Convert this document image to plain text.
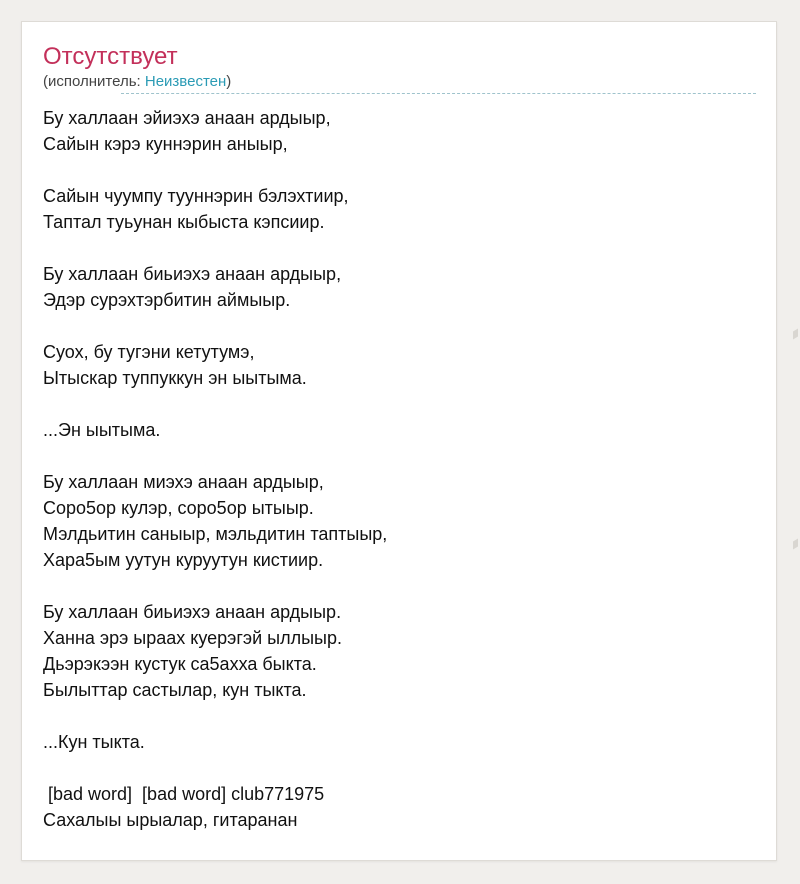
Отсутствует
(исполнитель: Неизвестен)
Бу халлаан эйиэхэ анаан ардыыр,
Сайын кэрэ куннэрин аныыр,
Сайын чуумпу тууннэрин бэлэхтиир,
Таптал туьунан кыбыста кэпсиир.
Бу халлаан биьиэхэ анаан ардыыр,
Эдэр сурэхтэрбитин аймыыр.
Суох, бу тугэни кетутумэ,
Ытыскар туппуккун эн ыытыма.
...Эн ыытыма.
Бу халлаан миэхэ анаан ардыыр,
Соро5ор кулэр, соро5ор ытыыр.
Мэлдьитин саныыр, мэльдитин таптыыр,
Хара5ым уутун куруутун кистиир.
Бу халлаан биьиэхэ анаан ардыыр.
Ханна эрэ ыраах куерэгэй ыллыыр.
Дьэрэкээн кустук са5ахха быкта.
Былыттар састылар, кун тыкта.
...Кун тыкта.
[bad word]  [bad word] club771975
Сахалыы ырыалар, гитаранан
